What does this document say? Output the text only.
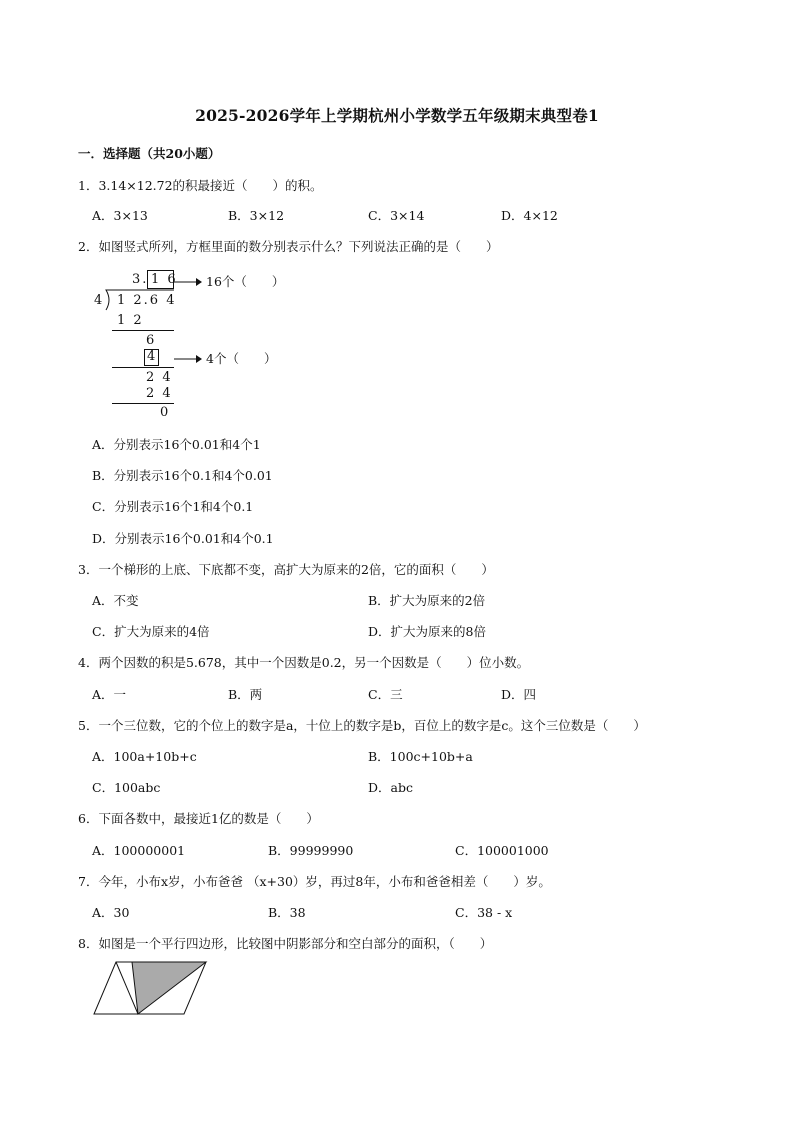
2025-2026学年上学期杭州小学数学五年级期末典型卷1
一．选择题（共20小题）
1．3.14×12.72的积最接近（　　）的积。
A．3×13	B．3×12	C．3×14	D．4×12
2．如图竖式所列，方框里面的数分别表示什么？下列说法正确的是（　　）
3. 1 6 16个（　　）
4 1 2.6 4
1 2
6
4	4个（　　）
2 4
2 4
0
A．分别表示16个0.01和4个1
B．分别表示16个0.1和4个0.01
C．分别表示16个1和4个0.1
D．分别表示16个0.01和4个0.1
3．一个梯形的上底、下底都不变，高扩大为原来的2倍，它的面积（　　）
A．不变	B．扩大为原来的2倍
C．扩大为原来的4倍	D．扩大为原来的8倍
4．两个因数的积是5.678，其中一个因数是0.2，另一个因数是（　　）位小数。
A．一	B．两	C．三	D．四
5．一个三位数，它的个位上的数字是a，十位上的数字是b，百位上的数字是c。这个三位数是（　　）
A．100a+10b+c	B．100c+10b+a
C．100abc	D．abc
6．下面各数中，最接近1亿的数是（　　）
A．100000001	B．99999990	C．100001000
7．今年，小布x岁，小布爸爸 （x+30）岁，再过8年，小布和爸爸相差（　　）岁。
A．30	B．38	C．38 - x
8．如图是一个平行四边形，比较图中阴影部分和空白部分的面积，（　　）
